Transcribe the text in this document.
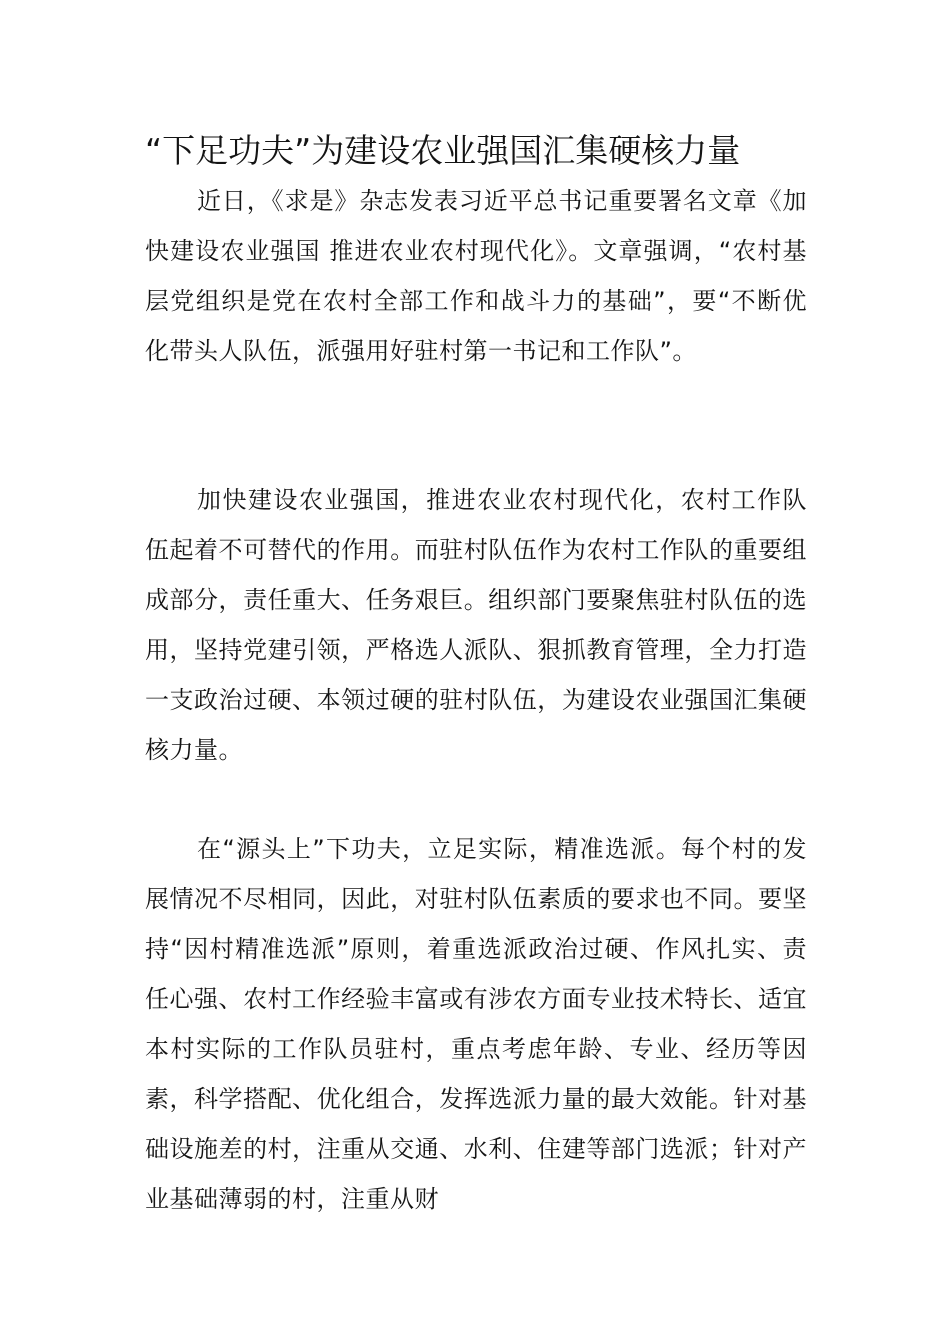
“下足功夫”为建设农业强国汇集硬核力量

近日，《求是》杂志发表习近平总书记重要署名文章《加快建设农业强国 推进农业农村现代化》。文章强调，“农村基层党组织是党在农村全部工作和战斗力的基础”，要“不断优化带头人队伍，派强用好驻村第一书记和工作队”。

加快建设农业强国，推进农业农村现代化，农村工作队伍起着不可替代的作用。而驻村队伍作为农村工作队的重要组成部分，责任重大、任务艰巨。组织部门要聚焦驻村队伍的选用，坚持党建引领，严格选人派队、狠抓教育管理，全力打造一支政治过硬、本领过硬的驻村队伍，为建设农业强国汇集硬核力量。

在“源头上”下功夫，立足实际，精准选派。每个村的发展情况不尽相同，因此，对驻村队伍素质的要求也不同。要坚持“因村精准选派”原则，着重选派政治过硬、作风扎实、责任心强、农村工作经验丰富或有涉农方面专业技术特长、适宜本村实际的工作队员驻村，重点考虑年龄、专业、经历等因素，科学搭配、优化组合，发挥选派力量的最大效能。针对基础设施差的村，注重从交通、水利、住建等部门选派；针对产业基础薄弱的村，注重从财
